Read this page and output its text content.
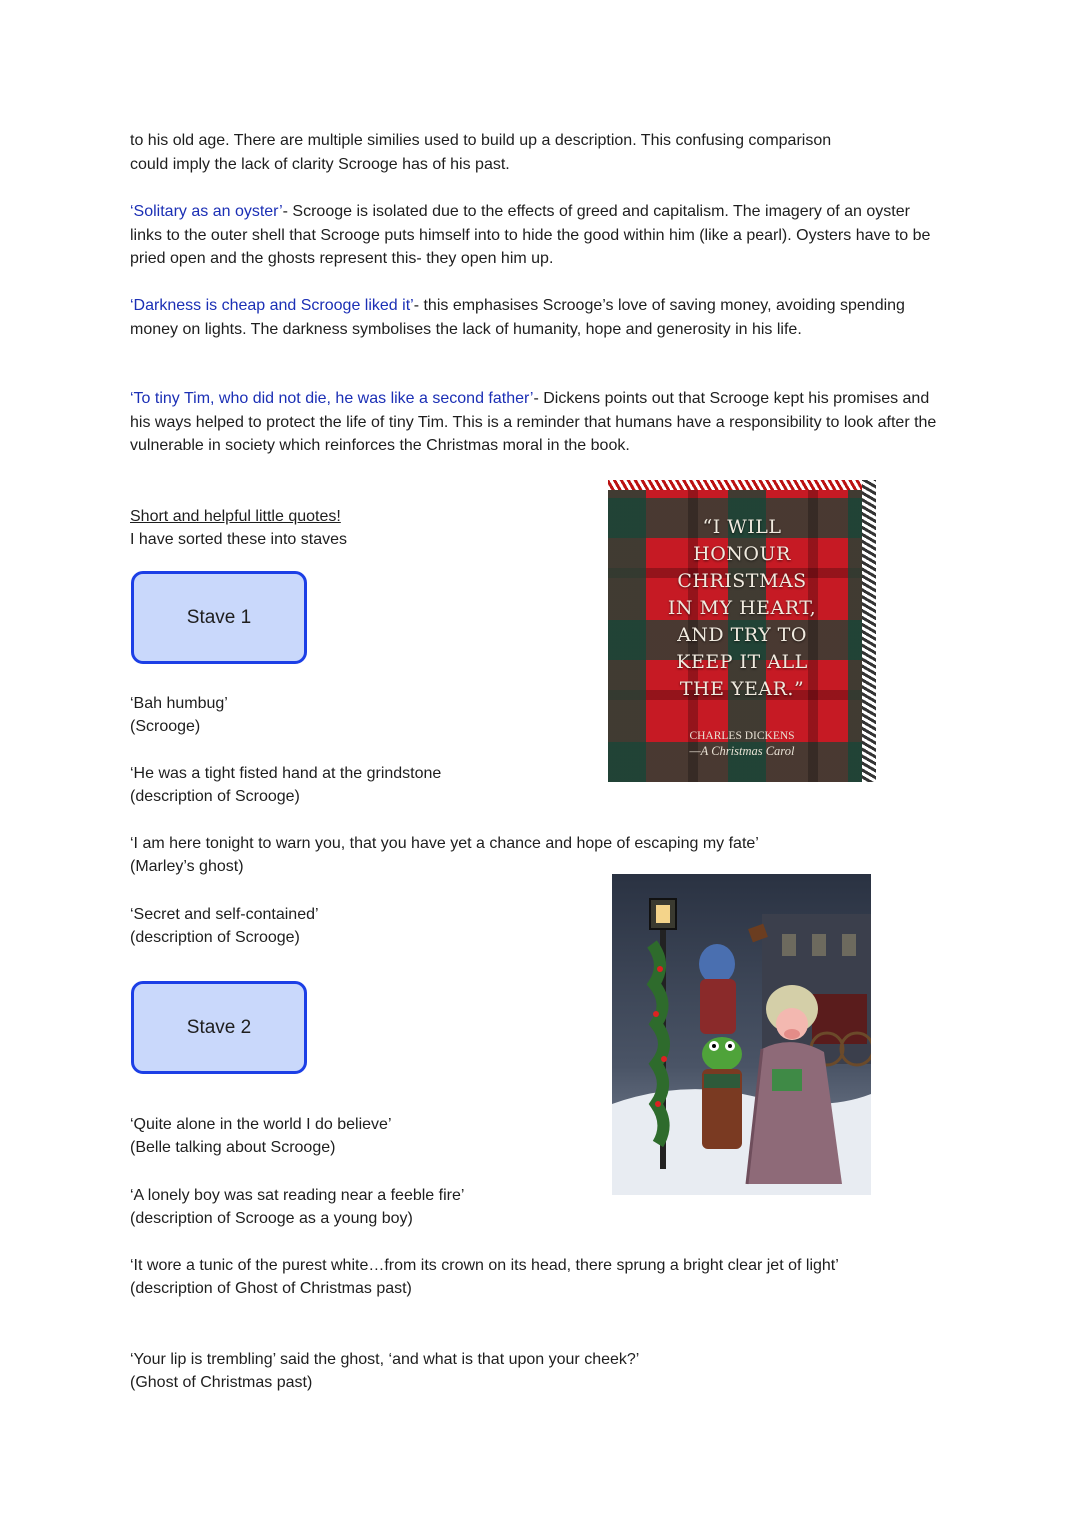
to his old age. There are multiple similies used to build up a description. This confusing comparison
could imply the lack of clarity Scrooge has of his past.

‘Solitary as an oyster’- Scrooge is isolated due to the effects of greed and capitalism. The imagery of an oyster links to the outer shell that Scrooge puts himself into to hide the good within him (like a pearl). Oysters have to be pried open and the ghosts represent this- they open him up.

‘Darkness is cheap and Scrooge liked it’- this emphasises Scrooge’s love of saving money, avoiding spending money on lights. The darkness symbolises the lack of humanity, hope and generosity in his life.

‘To tiny Tim, who did not die, he was like a second father’- Dickens points out that Scrooge kept his promises and his ways helped to protect the life of tiny Tim. This is a reminder that humans have a responsibility to look after the vulnerable in society which reinforces the Christmas moral in the book.

Short and helpful little quotes!
I have sorted these into staves
Stave 1
‘Bah humbug’
(Scrooge)
‘He was a tight fisted hand at the grindstone
(description of Scrooge)
‘I am here tonight to warn you, that you have yet a chance and hope of escaping my fate’
(Marley’s ghost)
‘Secret and self-contained’
(description of Scrooge)
Stave 2
‘Quite alone in the world I do believe’
(Belle talking about Scrooge)
‘A lonely boy was sat reading near a feeble fire’
(description of Scrooge as a young boy)
‘It wore a tunic of the purest white…from its crown on its head, there sprung a bright clear jet of light’
(description of Ghost of Christmas past)
‘Your lip is trembling’ said the ghost, ‘and what is that upon your cheek?’
(Ghost of Christmas past)
“I WILL
HONOUR
CHRISTMAS
IN MY HEART,
AND TRY TO
KEEP IT ALL
THE YEAR.”
CHARLES DICKENS
—A Christmas Carol
